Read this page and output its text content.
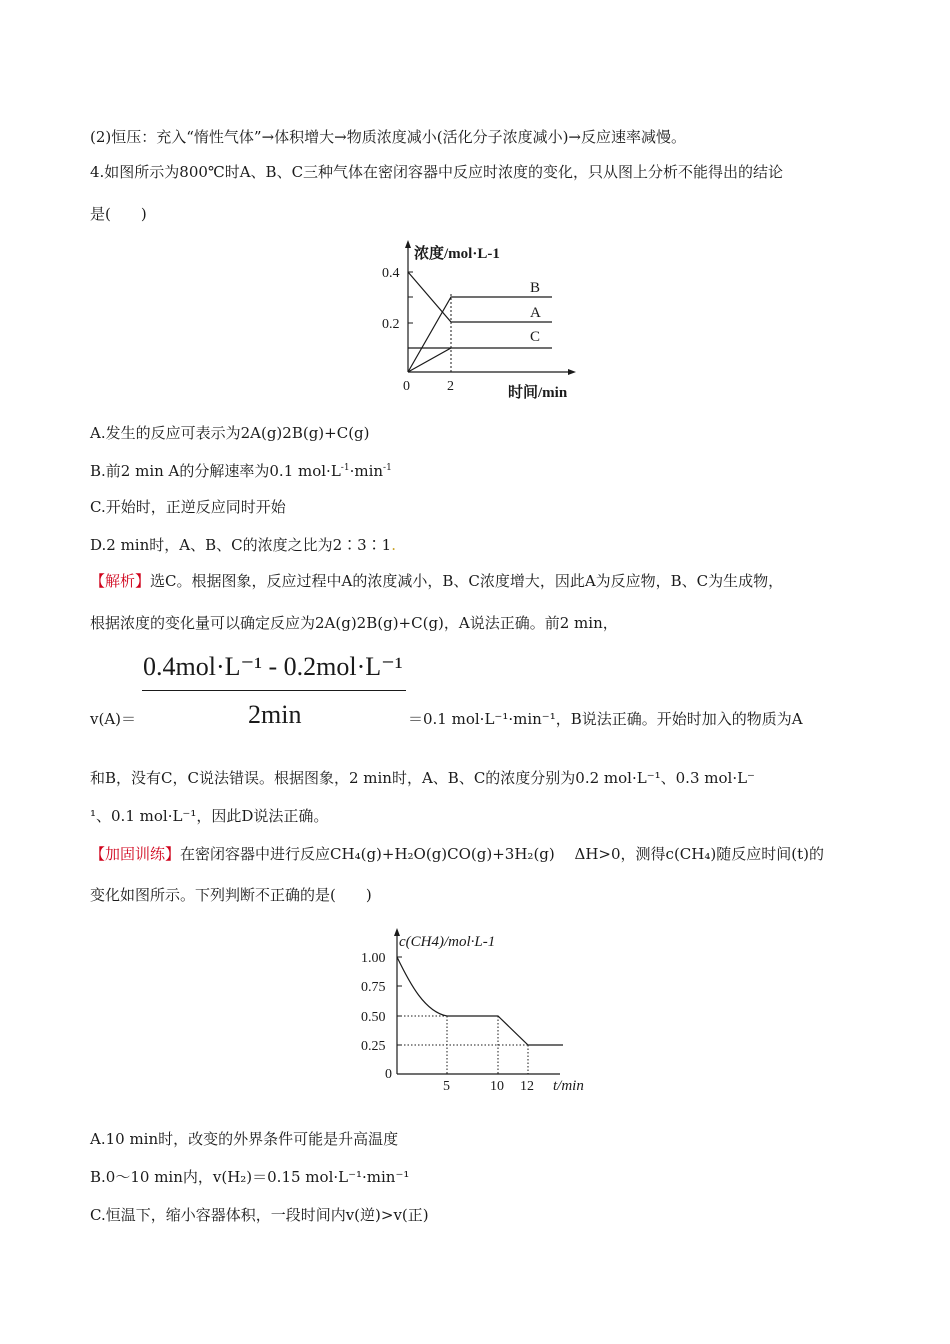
(2)恒压：充入“惰性气体”→体积增大→物质浓度减小(活化分子浓度减小)→反应速率减慢。
4.如图所示为800℃时A、B、C三种气体在密闭容器中反应时浓度的变化，只从图上分析不能得出的结论
是(　　)
浓度/mol·L-1
0.4
0.2
0	2	时间/min
B
A
C
A.发生的反应可表示为2A(g)2B(g)+C(g)
B.前2 min A的分解速率为0.1 $mol\cdot L^{-1}\cdot\min^{-1}$
C.开始时，正逆反应同时开始
D.2 min时，A、B、C的浓度之比为2∶3∶1.
【解析】选C。根据图象，反应过程中A的浓度减小，B、C浓度增大，因此A为反应物，B、C为生成物，
根据浓度的变化量可以确定反应为2A(g)2B(g)+C(g)，A说法正确。前2 min，
0.4mol·L⁻¹ - 0.2mol·L⁻¹
2min
v(A)＝	＝0.1 mol·L⁻¹·min⁻¹，B说法正确。开始时加入的物质为A
和B，没有C，C说法错误。根据图象，2 min时，A、B、C的浓度分别为0.2 mol·L⁻¹、0.3 mol·L⁻
¹、0.1 mol·L⁻¹，因此D说法正确。
【加固训练】在密闭容器中进行反应CH₄(g)+H₂O(g)CO(g)+3H₂(g)　 ΔH>0，测得c(CH₄)随反应时间(t)的
变化如图所示。下列判断不正确的是(　　)
c(CH4)/mol·L-1
1.00
0.75
0.50
0.25
0
5	10 12 t/min
A.10 min时，改变的外界条件可能是升高温度
B.0～10 min内，v(H₂)＝0.15 mol·L⁻¹·min⁻¹
C.恒温下，缩小容器体积，一段时间内v(逆)>v(正)
